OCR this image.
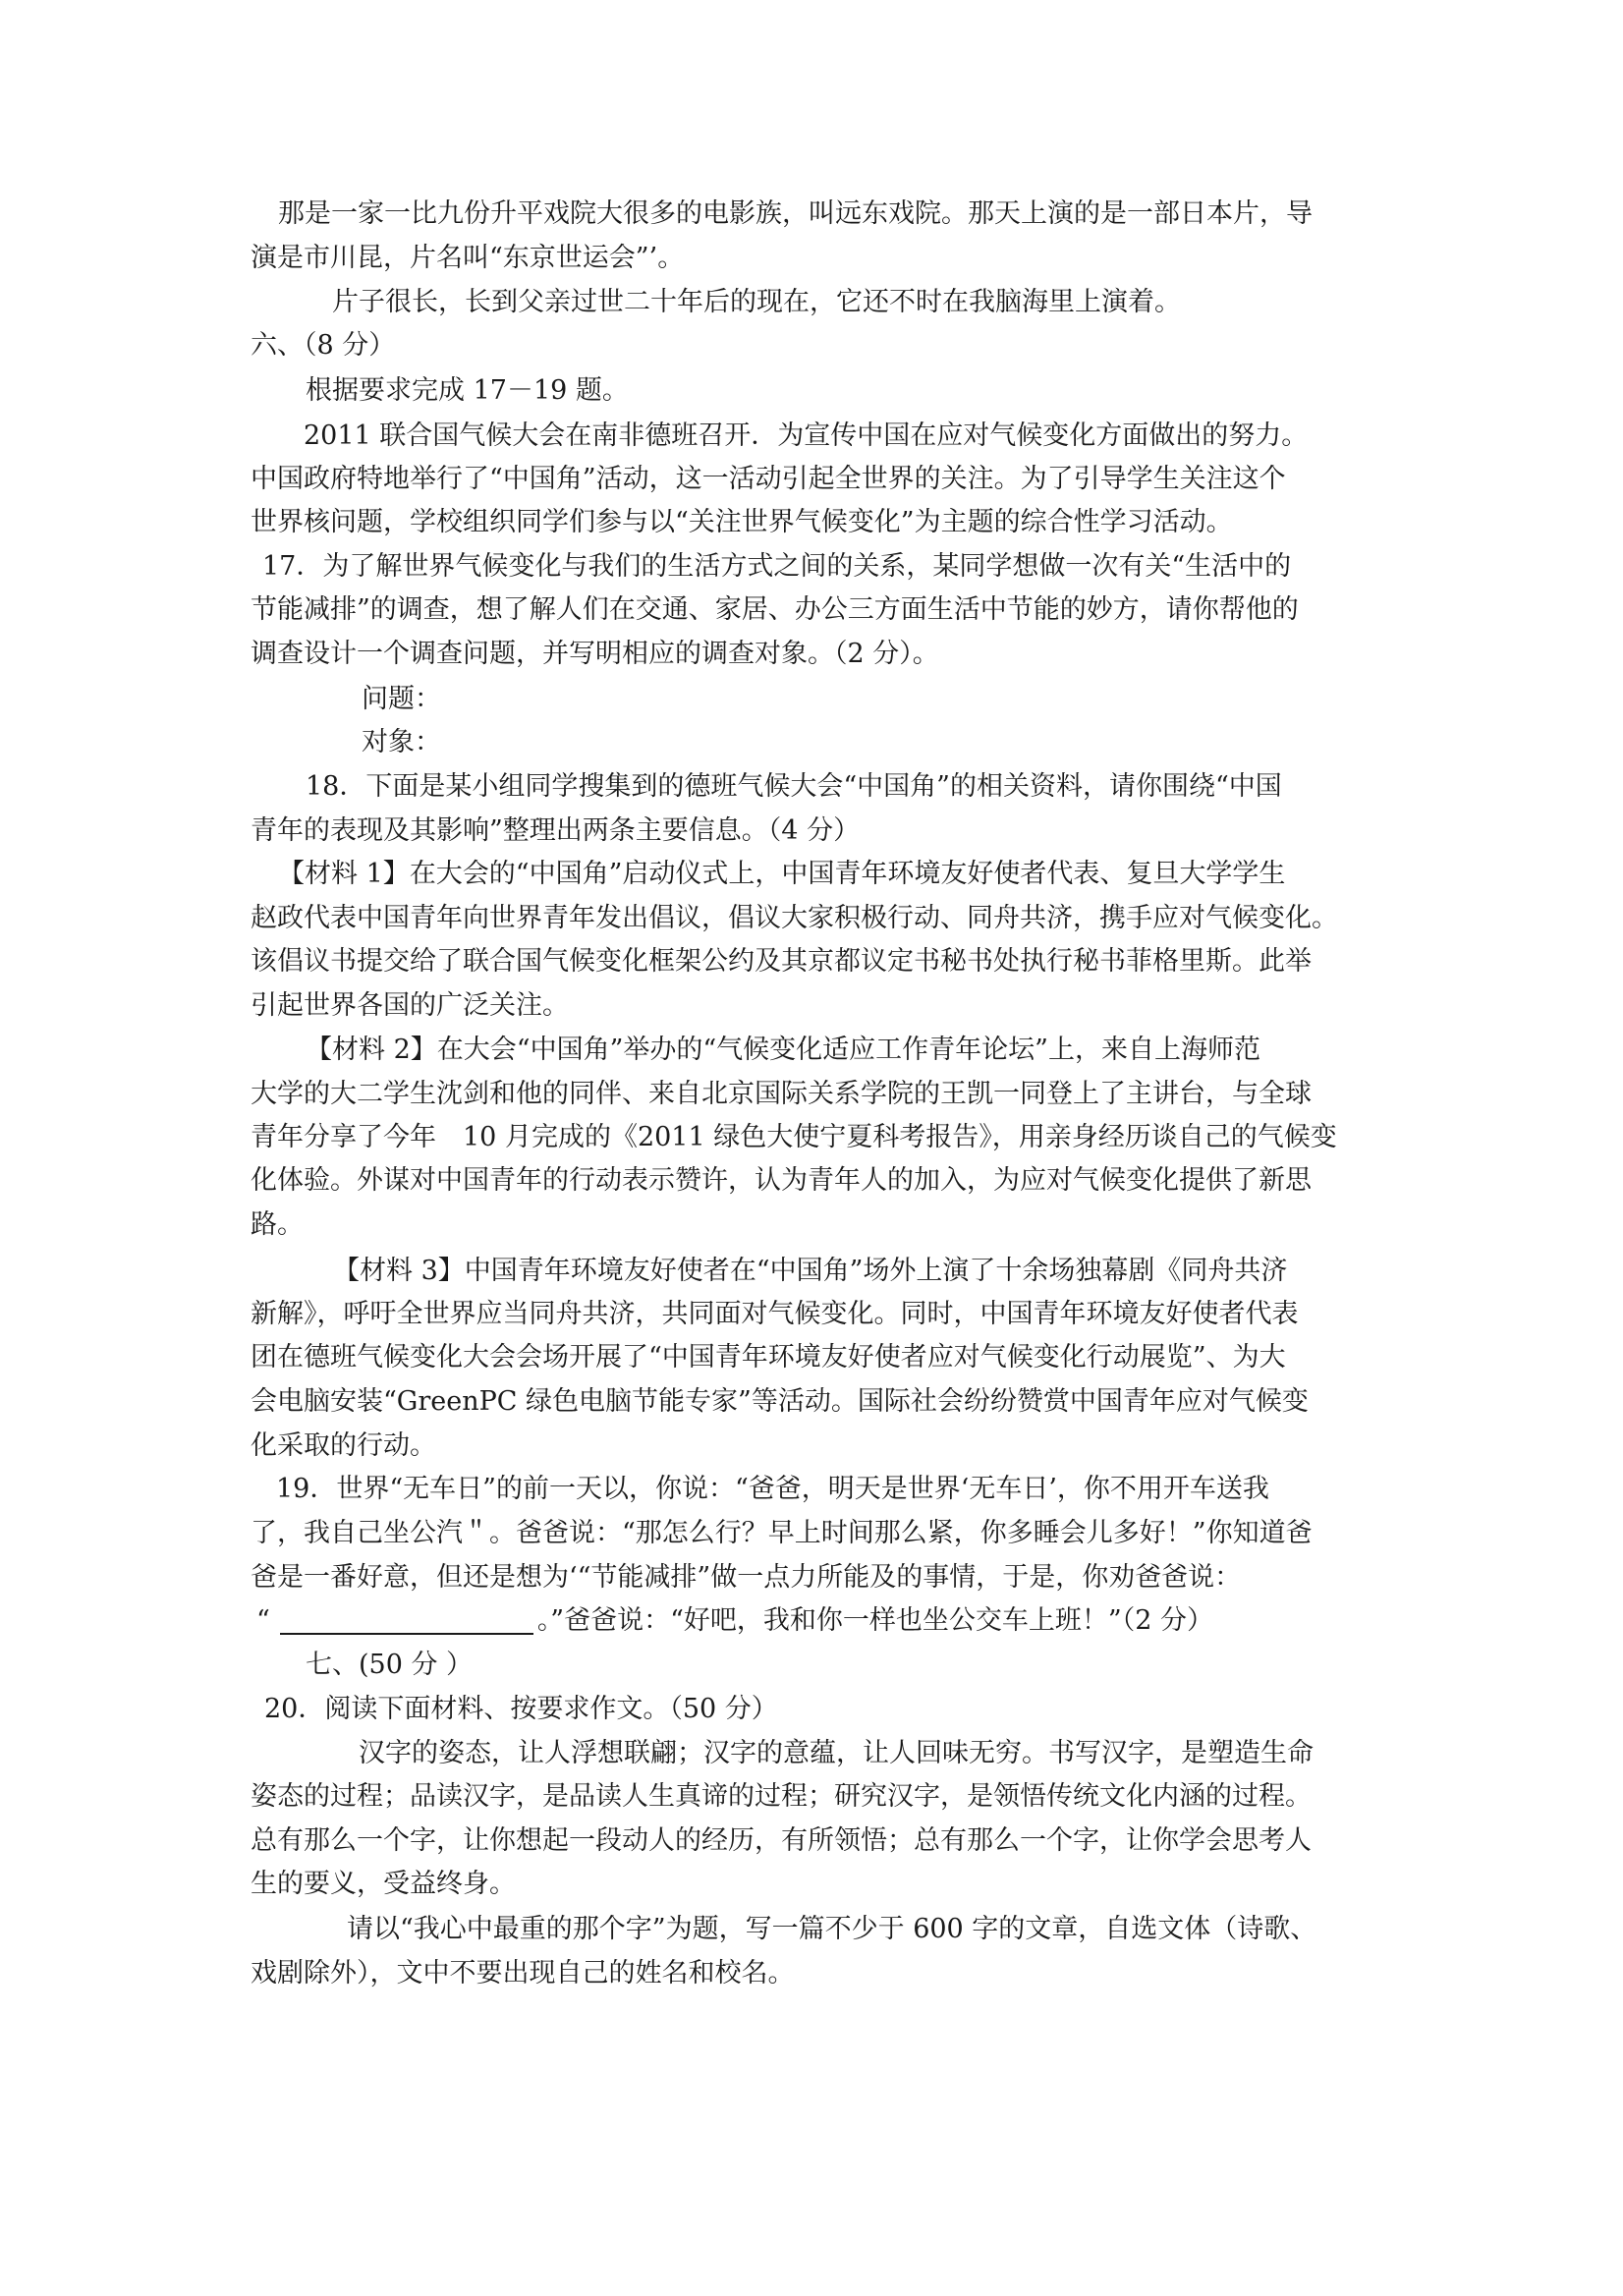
那是一家一比九份升平戏院大很多的电影族，叫远东戏院。那天上演的是一部日本片，导
演是市川昆，片名叫“东京世运会”’。
片子很长，长到父亲过世二十年后的现在，它还不时在我脑海里上演着。
六、（8 分）
根据要求完成 17－19 题。
2011 联合国气候大会在南非德班召开．为宣传中国在应对气候变化方面做出的努力。
中国政府特地举行了“中国角”活动，这一活动引起全世界的关注。为了引导学生关注这个
世界核问题，学校组织同学们参与以“关注世界气候变化”为主题的综合性学习活动。
17．为了解世界气候变化与我们的生活方式之间的关系，某同学想做一次有关“生活中的
节能减排”的调查，想了解人们在交通、家居、办公三方面生活中节能的妙方，请你帮他的
调查设计一个调查问题，并写明相应的调查对象。（2 分）。
问题：
对象：
18．下面是某小组同学搜集到的德班气候大会“中国角”的相关资料，请你围绕“中国
青年的表现及其影响”整理出两条主要信息。（4 分）
【材料 1】在大会的“中国角”启动仪式上，中国青年环境友好使者代表、复旦大学学生
赵政代表中国青年向世界青年发出倡议，倡议大家积极行动、同舟共济，携手应对气候变化。
该倡议书提交给了联合国气候变化框架公约及其京都议定书秘书处执行秘书菲格里斯。此举
引起世界各国的广泛关注。
【材料 2】在大会“中国角”举办的“气候变化适应工作青年论坛”上，来自上海师范
大学的大二学生沈剑和他的同伴、来自北京国际关系学院的王凯一同登上了主讲台，与全球
青年分享了今年　10 月完成的《2011 绿色大使宁夏科考报告》，用亲身经历谈自己的气候变
化体验。外谋对中国青年的行动表示赞许，认为青年人的加入，为应对气候变化提供了新思
路。
【材料 3】中国青年环境友好使者在“中国角”场外上演了十余场独幕剧《同舟共济
新解》，呼吁全世界应当同舟共济，共同面对气候变化。同时，中国青年环境友好使者代表
团在德班气候变化大会会场开展了“中国青年环境友好使者应对气候变化行动展览”、为大
会电脑安装“GreenPC 绿色电脑节能专家”等活动。国际社会纷纷赞赏中国青年应对气候变
化采取的行动。
19．世界“无车日”的前一天以，你说：“爸爸，明天是世界‘无车日’，你不用开车送我
了，我自己坐公汽＂。爸爸说：“那怎么行？早上时间那么紧，你多睡会儿多好！”你知道爸
爸是一番好意，但还是想为‘“节能减排”做一点力所能及的事情，于是，你劝爸爸说：
“	。”爸爸说：“好吧，我和你一样也坐公交车上班！”（2 分）
七、(50 分 ）
20．阅读下面材料、按要求作文。（50 分）
汉字的姿态，让人浮想联翩；汉字的意蕴，让人回味无穷。书写汉字，是塑造生命
姿态的过程；品读汉字，是品读人生真谛的过程；研究汉字，是领悟传统文化内涵的过程。
总有那么一个字，让你想起一段动人的经历，有所领悟；总有那么一个字，让你学会思考人
生的要义，受益终身。
请以“我心中最重的那个字”为题，写一篇不少于 600 字的文章，自选文体（诗歌、
戏剧除外），文中不要出现自己的姓名和校名。
